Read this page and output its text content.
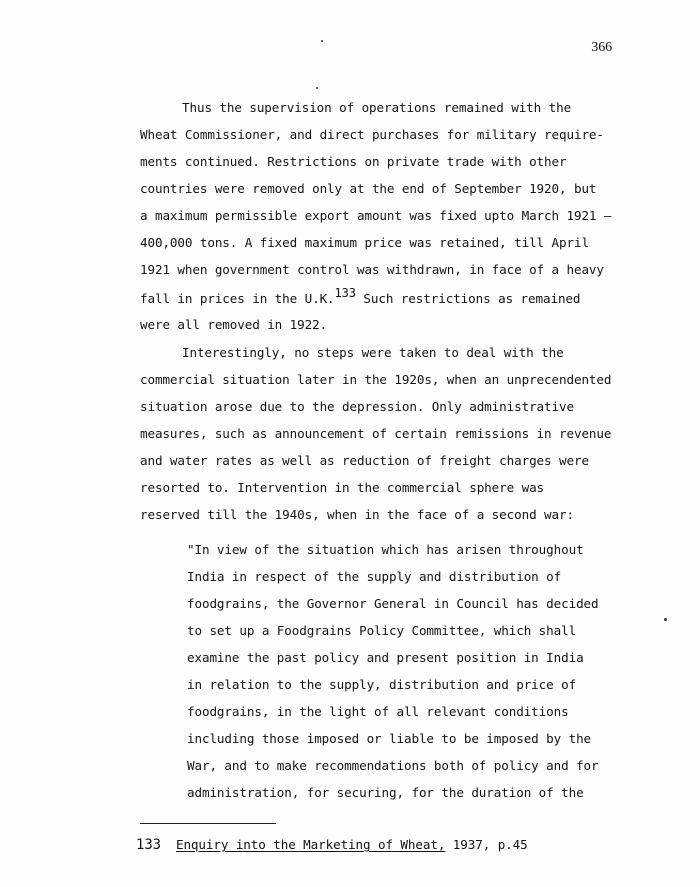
366
Thus the supervision of operations remained with the
Wheat Commissioner, and direct purchases for military require-
ments continued. Restrictions on private trade with other
countries were removed only at the end of September 1920, but
a maximum permissible export amount was fixed upto March 1921 —
400,000 tons. A fixed maximum price was retained, till April
1921 when government control was withdrawn, in face of a heavy
fall in prices in the U.K.$^{133}$ Such restrictions as remained
were all removed in 1922.
Interestingly, no steps were taken to deal with the
commercial situation later in the 1920s, when an unprecendented
situation arose due to the depression. Only administrative
measures, such as announcement of certain remissions in revenue
and water rates as well as reduction of freight charges were
resorted to. Intervention in the commercial sphere was
reserved till the 1940s, when in the face of a second war:
"In view of the situation which has arisen throughout
India in respect of the supply and distribution of
foodgrains, the Governor General in Council has decided
to set up a Foodgrains Policy Committee, which shall
examine the past policy and present position in India
in relation to the supply, distribution and price of
foodgrains, in the light of all relevant conditions
including those imposed or liable to be imposed by the
War, and to make recommendations both of policy and for
administration, for securing, for the duration of the
133 Enquiry into the Marketing of Wheat, 1937, p.45
